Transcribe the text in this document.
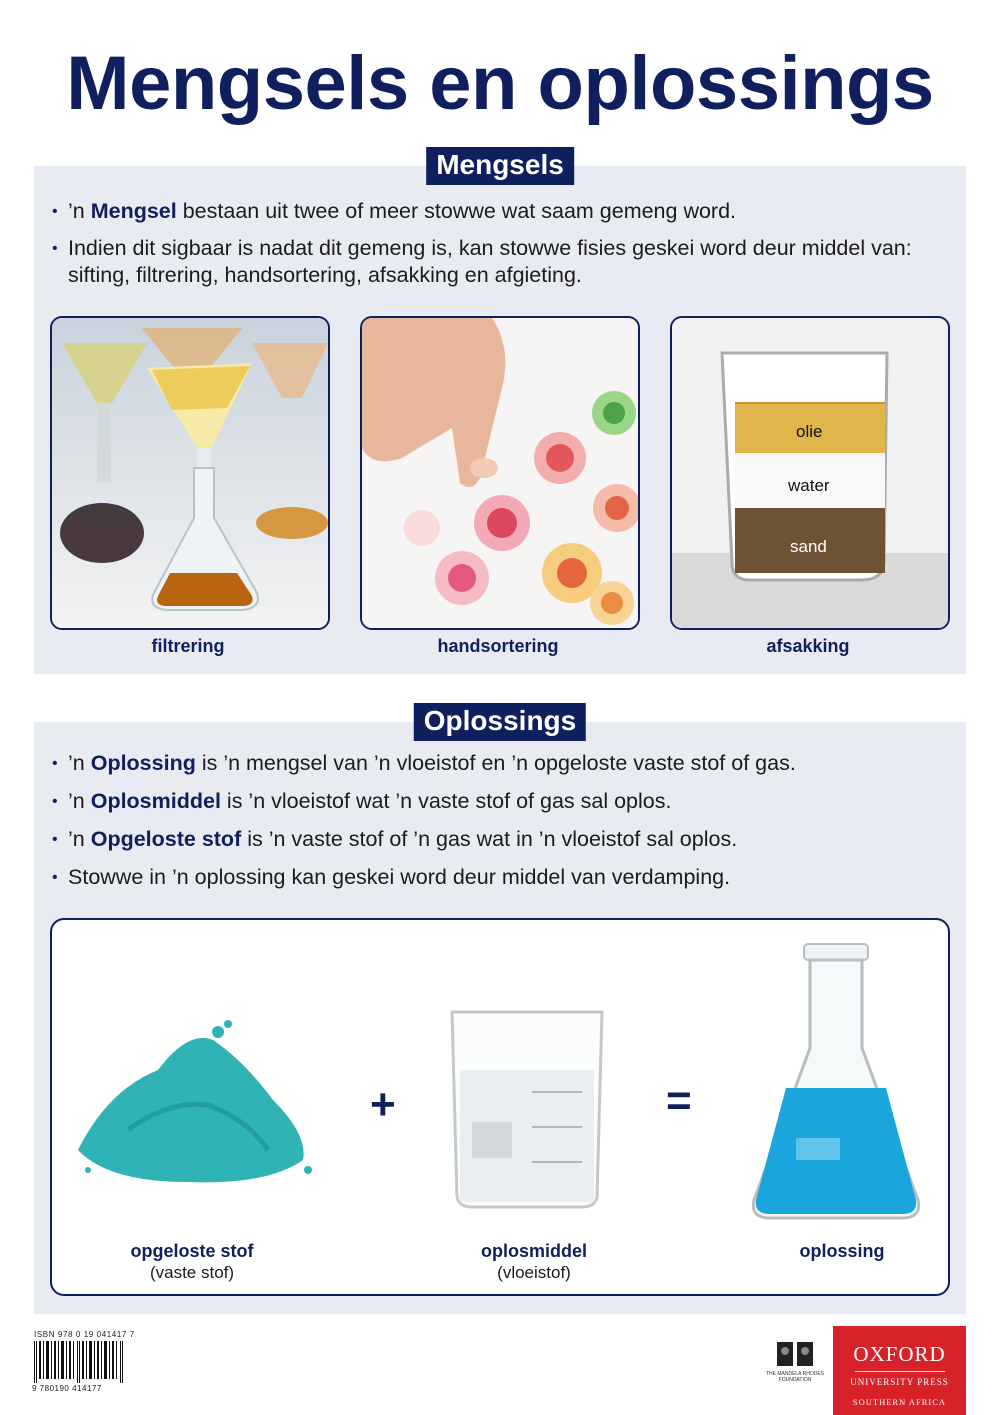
Mengsels en oplossings
Mengsels
• ’n Mengsel bestaan uit twee of meer stowwe wat saam gemeng word.
• Indien dit sigbaar is nadat dit gemeng is, kan stowwe fisies geskei word deur middel van: sifting, filtrering, handsortering, afsakking en afgieting.
filtrering	handsortering
olie
water
sand
afsakking
Oplossings
• ’n Oplossing is ’n mengsel van ’n vloeistof en ’n opgeloste vaste stof of gas.
• ’n Oplosmiddel is ’n vloeistof wat ’n vaste stof of gas sal oplos.
• ’n Opgeloste stof is ’n vaste stof of ’n gas wat in ’n vloeistof sal oplos.
• Stowwe in ’n oplossing kan geskei word deur middel van verdamping.
+	=
opgeloste stof
(vaste stof)
oplosmiddel
(vloeistof)
oplossing
ISBN 978 0 19 041417 7
9 780190 414177
THE MANDELA RHODES FOUNDATION
OXFORD
UNIVERSITY PRESS
SOUTHERN AFRICA
